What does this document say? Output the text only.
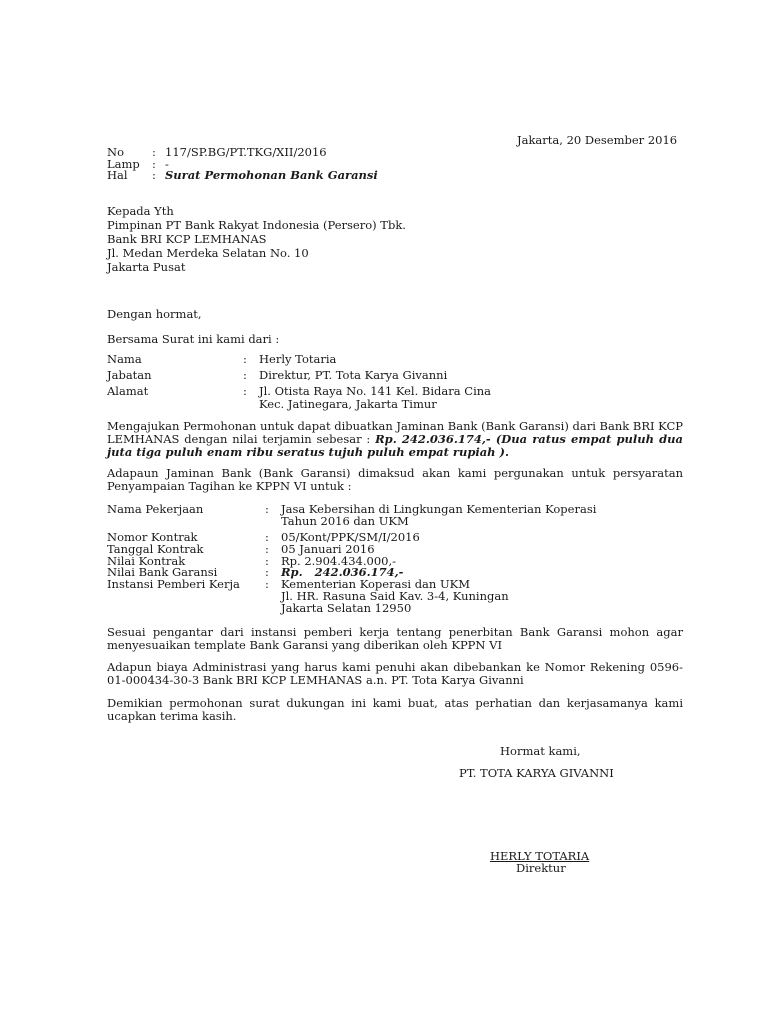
Jakarta, 20 Desember 2016
No : 117/SP.BG/PT.TKG/XII/2016
Lamp : -
Hal : Surat Permohonan Bank Garansi
Kepada Yth
Pimpinan PT Bank Rakyat Indonesia (Persero) Tbk.
Bank BRI KCP LEMHANAS
Jl. Medan Merdeka Selatan No. 10
Jakarta Pusat
Dengan hormat,
Bersama Surat ini kami dari :
Nama	: Herly Totaria
Jabatan	: Direktur, PT. Tota Karya Givanni
Alamat	: Jl. Otista Raya No. 141 Kel. Bidara Cina
Kec. Jatinegara, Jakarta Timur
Mengajukan Permohonan untuk dapat dibuatkan Jaminan Bank (Bank Garansi) dari Bank BRI KCP LEMHANAS dengan nilai terjamin sebesar : Rp. 242.036.174,- (Dua ratus empat puluh dua juta tiga puluh enam ribu seratus tujuh puluh empat rupiah ).
Adapaun Jaminan Bank (Bank Garansi) dimaksud akan kami pergunakan untuk persyaratan Penyampaian Tagihan ke KPPN VI untuk :
Nama Pekerjaan	: Jasa Kebersihan di Lingkungan Kementerian Koperasi
Tahun 2016 dan UKM
Nomor Kontrak	: 05/Kont/PPK/SM/I/2016
Tanggal Kontrak	: 05 Januari 2016
Nilai Kontrak	: Rp. 2.904.434.000,-
Nilai Bank Garansi	: Rp.   242.036.174,-
Instansi Pemberi Kerja : Kementerian Koperasi dan UKM
Jl. HR. Rasuna Said Kav. 3-4, Kuningan
Jakarta Selatan 12950
Sesuai pengantar dari instansi pemberi kerja tentang penerbitan Bank Garansi mohon agar menyesuaikan template Bank Garansi yang diberikan oleh KPPN VI
Adapun biaya Administrasi yang harus kami penuhi akan dibebankan ke Nomor Rekening 0596-01-000434-30-3 Bank BRI KCP LEMHANAS a.n. PT. Tota Karya Givanni
Demikian permohonan surat dukungan ini kami buat, atas perhatian dan kerjasamanya kami ucapkan terima kasih.
Hormat kami,
PT. TOTA KARYA GIVANNI
HERLY TOTARIA
Direktur
